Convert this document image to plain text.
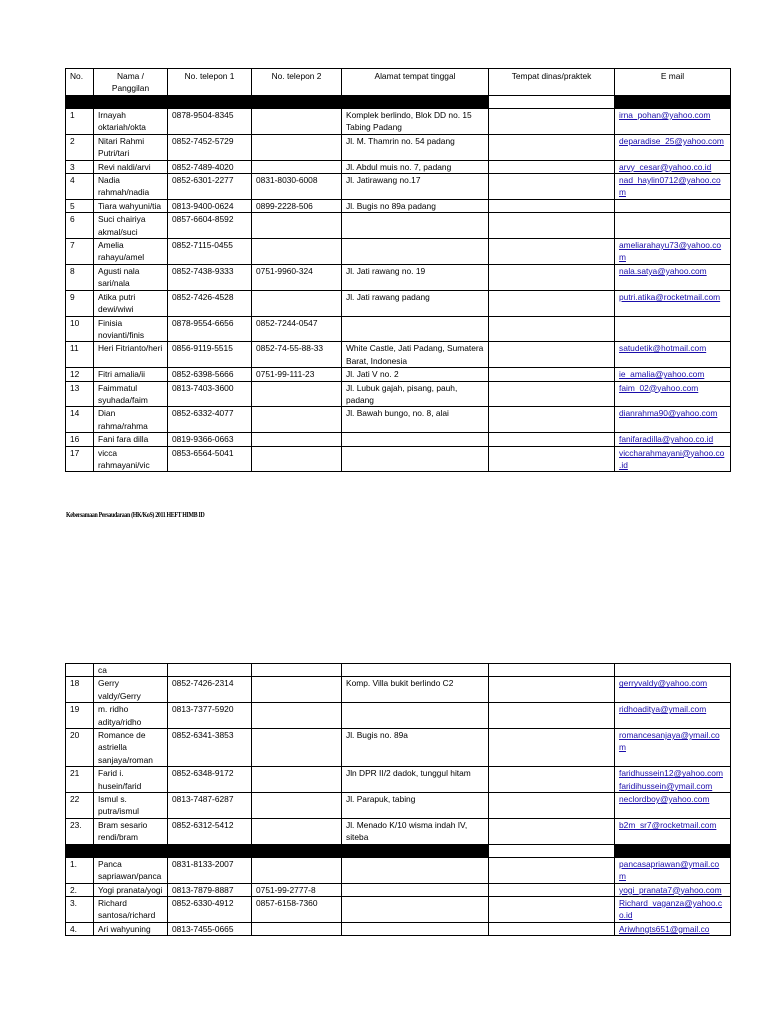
No.	Nama / Panggilan	No. telepon 1	No. telepon 2	Alamat tempat tinggal	Tempat dinas/praktek	E mail

1	Irnayah oktariah/okta	0878-9504-8345		Komplek berlindo, Blok DD no. 15 Tabing Padang		irna_pohan@yahoo.com

2	Nitari Rahmi Putri/tari	0852-7452-5729		Jl. M. Thamrin no. 54 padang		deparadise_25@yahoo.com

3	Revi naldi/arvi	0852-7489-4020		Jl. Abdul muis no. 7, padang		arvy_cesar@yahoo.co.id

4	Nadia rahmah/nadia	0852-6301-2277	0831-8030-6008	Jl. Jatirawang no.17		nad_haylin0712@yahoo.com

5	Tiara wahyuni/tia	0813-9400-0624	0899-2228-506	Jl. Bugis no 89a padang		
6	Suci chairiya akmal/suci	0857-6604-8592				
7	Amelia rahayu/amel	0852-7115-0455				ameliarahayu73@yahoo.com

8	Agusti nala sari/nala	0852-7438-9333	0751-9960-324	Jl. Jati rawang no. 19		nala.satya@yahoo.com

9	Atika putri dewi/wiwi	0852-7426-4528		Jl. Jati rawang padang		putri.atika@rocketmail.com

10	Finisia novianti/finis	0878-9554-6656	0852-7244-0547			
11	Heri Fitrianto/heri	0856-9119-5515	0852-74-55-88-33	White Castle, Jati Padang, Sumatera Barat, Indonesia		satudetik@hotmail.com

12	Fitri amalia/ii	0852-6398-5666	0751-99-111-23	Jl. Jati V no. 2		ie_amalia@yahoo.com

13	Faimmatul syuhada/faim	0813-7403-3600		Jl. Lubuk gajah, pisang, pauh, padang		faim_02@yahoo.com

14	Dian rahma/rahma	0852-6332-4077		Jl. Bawah bungo, no. 8, alai		dianrahma90@yahoo.com

16	Fani fara dilla	0819-9366-0663				fanifaradilla@yahoo.co.id

17	vicca rahmayani/vic	0853-6564-5041				viccharahmayani@yahoo.co.id
Kebersamaan Persaudaraan (HK/KoS) 2011 HEFT HIMB ID
	ca					
18	Gerry valdy/Gerry	0852-7426-2314		Komp. Villa bukit berlindo C2		gerryvaldy@yahoo.com

19	m. ridho aditya/ridho	0813-7377-5920				ridhoaditya@ymail.com

20	Romance de astriella sanjaya/roman	0852-6341-3853		Jl. Bugis no. 89a		romancesanjaya@ymail.com

21	Farid i. husein/farid	0852-6348-9172		Jln DPR II/2 dadok, tunggul hitam		faridhussein12@yahoo.com
faridihussein@ymail.com

22	Ismul s. putra/ismul	0813-7487-6287		Jl. Parapuk, tabing		neclordboy@yahoo.com

23.	Bram sesario rendi/bram	0852-6312-5412		Jl. Menado K/10 wisma indah IV, siteba		b2m_sr7@rocketmail.com

1.	Panca sapriawan/panca	0831-8133-2007				pancasapriawan@ymail.com

2.	Yogi pranata/yogi	0813-7879-8887	0751-99-2777-8			yogi_pranata7@yahoo.com

3.	Richard santosa/richard	0852-6330-4912	0857-6158-7360			Richard_vaganza@yahoo.co.id

4.	Ari wahyuning	0813-7455-0665				Ariwhngts651@gmail.co
